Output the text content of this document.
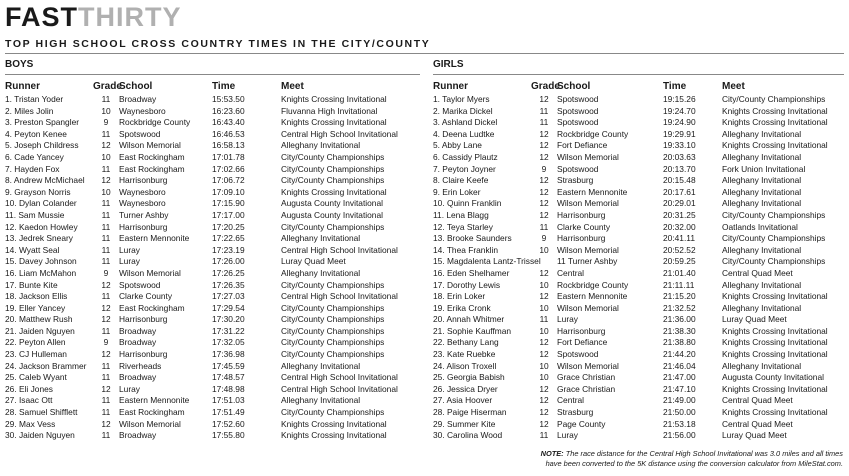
FASTTHIRTY
TOP HIGH SCHOOL CROSS COUNTRY TIMES IN THE CITY/COUNTY
BOYS
Runner	Grade
School	Time	Meet
1. Tristan Yoder	11	Broadway	15:53.50	Knights Crossing Invitational
2. Miles Jolin	10 Waynesboro	16:23.60	Fluvanna High Invitational
3. Preston Spangler	9	Rockbridge County	16:43.40	Knights Crossing Invitational
4. Peyton Kenee	11	Spotswood	16:46.53	Central High School Invitational
5. Joseph Childress	12 Wilson Memorial	16:58.13	Alleghany Invitational
6. Cade Yancey	10 East Rockingham	17:01.78	City/County Championships
7. Hayden Fox	11	East Rockingham	17:02.66	City/County Championships
8. Andrew McMichael	12 Harrisonburg	17:06.72	City/County Championships
9. Grayson Norris	10 Waynesboro	17:09.10	Knights Crossing Invitational
10. Dylan Colander	11	Waynesboro	17:15.90	Augusta County Invitational
11. Sam Mussie	11	Turner Ashby	17:17.00	Augusta County Invitational
12. Kaedon Howley	11	Harrisonburg	17:20.25	City/County Championships
13. Jedrek Sneary	11	Eastern Mennonite	17:22.65	Alleghany Invitational
14. Wyatt Seal	11	Luray	17:23.19	Central High School Invitational
15. Davey Johnson	11	Luray	17:26.00	Luray Quad Meet
16. Liam McMahon	9	Wilson Memorial	17:26.25	Alleghany Invitational
17. Bunte Kite	12 Spotswood	17:26.35	City/County Championships
18. Jackson Ellis	11	Clarke County	17:27.03	Central High School Invitational
19. Eller Yancey	12 East Rockingham	17:29.54	City/County Championships
20. Matthew Rush	12 Harrisonburg	17:30.20	City/County Championships
21. Jaiden Nguyen	11	Broadway	17:31.22	City/County Championships
22. Peyton Allen	9	Broadway	17:32.05	City/County Championships
23. CJ Hulleman	12 Harrisonburg	17:36.98	City/County Championships
24. Jackson Brammer	11	Riverheads	17:45.59	Alleghany Invitational
25. Caleb Wyant	11	Broadway	17:48.57	Central High School Invitational
26. Eli Jones	12 Luray	17:48.98	Central High School Invitational
27. Isaac Ott	11	Eastern Mennonite	17:51.03	Alleghany Invitational
28. Samuel Shifflett	11	East Rockingham	17:51.49	City/County Championships
29. Max Vess	12 Wilson Memorial	17:52.60	Knights Crossing Invitational
30. Jaiden Nguyen	11	Broadway	17:55.80	Knights Crossing Invitational
GIRLS
Runner	Grade
School	Time	Meet
1. Taylor Myers	12 Spotswood	19:15.26	City/County Championships
2. Marika Dickel	11	Spotswood	19:24.70	Knights Crossing Invitational
3. Ashland Dickel	11	Spotswood	19:24.90	Knights Crossing Invitational
4. Deena Ludtke	12 Rockbridge County	19:29.91	Alleghany Invitational
5. Abby Lane	12 Fort Defiance	19:33.10	Knights Crossing Invitational
6. Cassidy Plautz	12 Wilson Memorial	20:03.63	Alleghany Invitational
7. Peyton Joyner	9	Spotswood	20:13.70	Fork Union Invitational
8. Claire Keefe	12 Strasburg	20:15.48	Alleghany Invitational
9. Erin Loker	12 Eastern Mennonite	20:17.61	Alleghany Invitational
10. Quinn Franklin	12 Wilson Memorial	20:29.01	Alleghany Invitational
11. Lena Blagg	12 Harrisonburg	20:31.25	City/County Championships
12. Teya Starley	11	Clarke County	20:32.00	Oatlands Invitational
13. Brooke Saunders	9	Harrisonburg	20:41.11	City/County Championships
14. Thea Franklin	10 Wilson Memorial	20:52.52	Alleghany Invitational
15. Magdalenta Lantz-Trissel 11 Turner Ashby	20:59.25	City/County Championships
16. Eden Shelhamer	12 Central	21:01.40	Central Quad Meet
17. Dorothy Lewis	10 Rockbridge County	21:11.11	Alleghany Invitational
18. Erin Loker	12 Eastern Mennonite	21:15.20	Knights Crossing Invitational
19. Erika Cronk	10 Wilson Memorial	21:32.52	Alleghany Invitational
20. Annah Whitmer	11	Luray	21:36.00	Luray Quad Meet
21. Sophie Kauffman	10 Harrisonburg	21:38.30	Knights Crossing Invitational
22. Bethany Lang	12 Fort Defiance	21:38.80	Knights Crossing Invitational
23. Kate Ruebke	12 Spotswood	21:44.20	Knights Crossing Invitational
24. Alison Troxell	10 Wilson Memorial	21:46.04	Alleghany Invitational
25. Georgia Babish	10 Grace Christian	21:47.00	Augusta County Invitational
26. Jessica Dryer	12 Grace Christian	21:47.10	Knights Crossing Invitational
27. Asia Hoover	12 Central	21:49.00	Central Quad Meet
28. Paige Hiserman	12 Strasburg	21:50.00	Knights Crossing Invitational
29. Summer Kite	12 Page County	21:53.18	Central Quad Meet
30. Carolina Wood	11	Luray	21:56.00	Luray Quad Meet
NOTE: The race distance for the Central High School Invitational was 3.0 miles and all times
have been converted to the 5K distance using the conversion calculator from MileStat.com.
